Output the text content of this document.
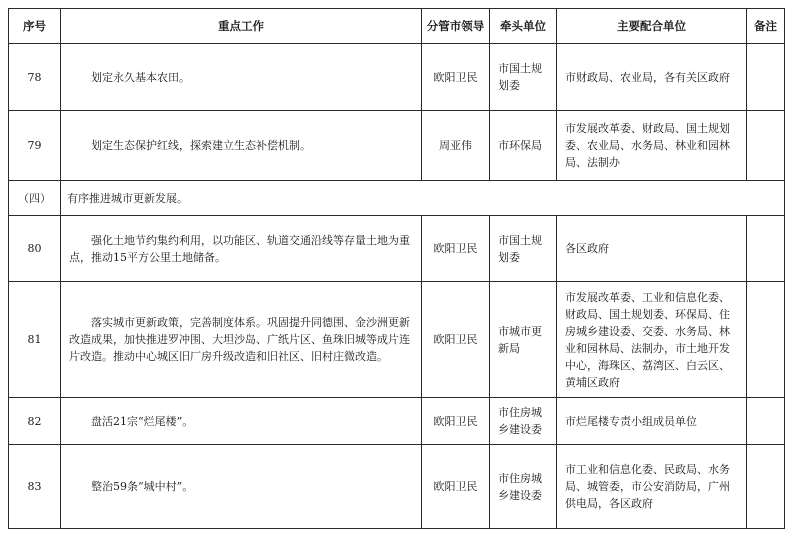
序号	重点工作	分管市领导	牵头单位	主要配合单位	备注
78	划定永久基本农田。	欧阳卫民	市国土规划委	市财政局、农业局，各有关区政府	
79	划定生态保护红线，探索建立生态补偿机制。	周亚伟	市环保局	市发展改革委、财政局、国土规划委、农业局、水务局、林业和园林局、法制办	
（四）	有序推进城市更新发展。				
80	强化土地节约集约利用，以功能区、轨道交通沿线等存量土地为重点，推动15平方公里土地储备。	欧阳卫民	市国土规划委	各区政府	
81	落实城市更新政策，完善制度体系。巩固提升同德围、金沙洲更新改造成果，加快推进罗冲围、大坦沙岛、广纸片区、鱼珠旧城等成片连片改造。推动中心城区旧厂房升级改造和旧社区、旧村庄微改造。	欧阳卫民	市城市更新局	市发展改革委、工业和信息化委、财政局、国土规划委、环保局、住房城乡建设委、交委、水务局、林业和园林局、法制办，市土地开发中心，海珠区、荔湾区、白云区、黄埔区政府	
82	盘活21宗“烂尾楼”。	欧阳卫民	市住房城乡建设委	市烂尾楼专责小组成员单位	
83	整治59条“城中村”。	欧阳卫民	市住房城乡建设委	市工业和信息化委、民政局、水务局、城管委，市公安消防局，广州供电局，各区政府	
